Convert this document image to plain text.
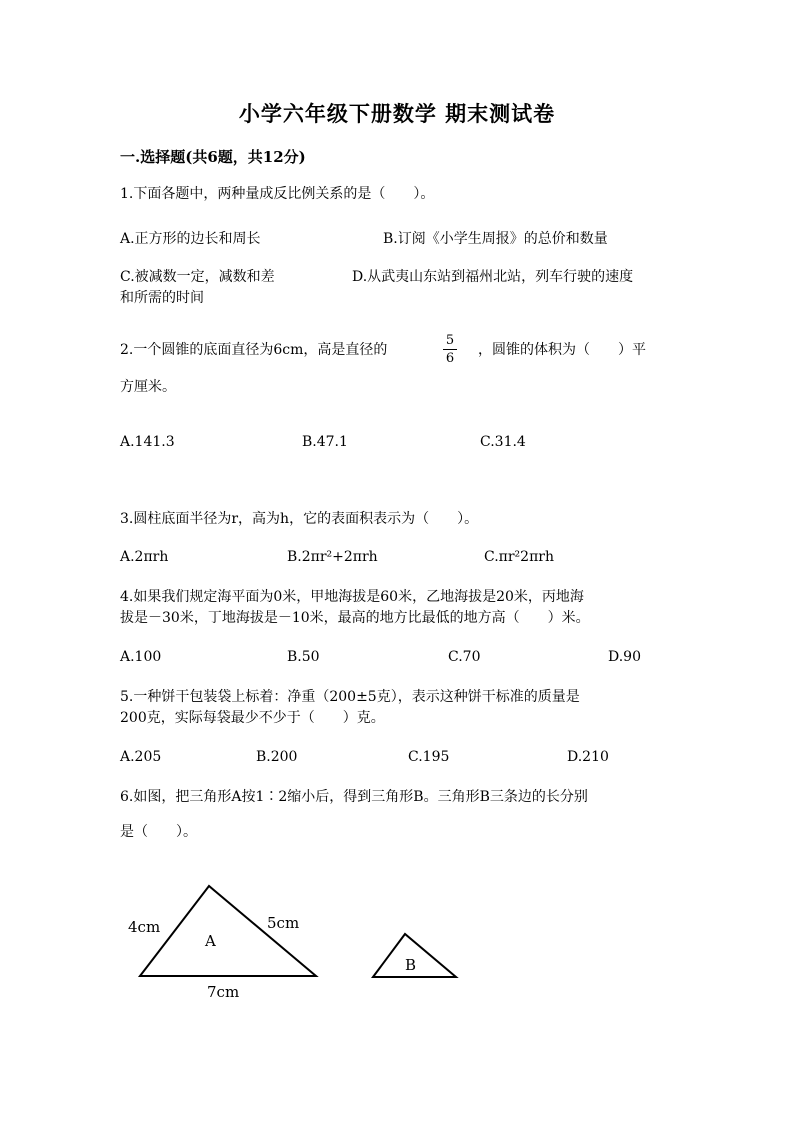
小学六年级下册数学 期末测试卷
一.选择题(共6题，共12分)
1.下面各题中，两种量成反比例关系的是（　　）。
A.正方形的边长和周长	B.订阅《小学生周报》的总价和数量
C.被减数一定，减数和差	D.从武夷山东站到福州北站，列车行驶的速度
和所需的时间
2.一个圆锥的底面直径为6cm，高是直径的
5
6
，圆锥的体积为（　　）平
方厘米。
A.141.3	B.47.1	C.31.4
3.圆柱底面半径为r，高为h，它的表面积表示为（　　）。
A.2πrh	B.2πr²+2πrh	C.πr²2πrh
4.如果我们规定海平面为0米，甲地海拔是60米，乙地海拔是20米，丙地海
拔是－30米，丁地海拔是－10米，最高的地方比最低的地方高（　　）米。
A.100	B.50	C.70	D.90
5.一种饼干包装袋上标着：净重（200±5克），表示这种饼干标准的质量是
200克，实际每袋最少不少于（　　）克。
A.205	B.200	C.195	D.210
6.如图，把三角形A按1∶2缩小后，得到三角形B。三角形B三条边的长分别
是（　　）。
4cm	5cm
A
7cm
B
